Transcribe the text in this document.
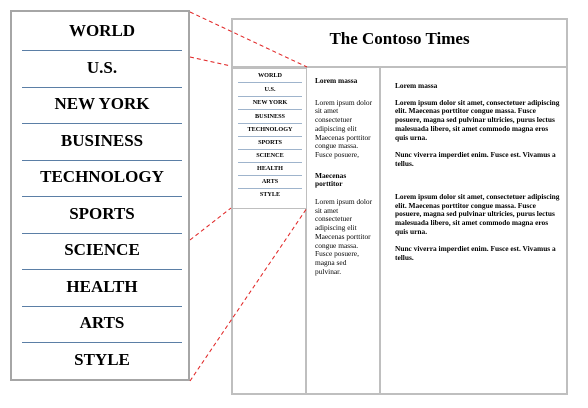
WORLD
U.S.
NEW YORK
BUSINESS
TECHNOLOGY
SPORTS
SCIENCE
HEALTH
ARTS
STYLE
The Contoso Times
WORLD
U.S.
NEW YORK
BUSINESS
TECHNOLOGY
SPORTS
SCIENCE
HEALTH
ARTS
STYLE
Lorem massa
Lorem ipsum dolor sit amet consectetuer adipiscing elit Maecenas porttitor congue massa. Fusce posuere,
Maecenas porttitor
Lorem ipsum dolor sit amet consectetuer adipiscing elit Maecenas porttitor congue massa. Fusce posuere, magna sed pulvinar.
Lorem massa
Lorem ipsum dolor sit amet, consectetuer adipiscing elit. Maecenas porttitor congue massa. Fusce posuere, magna sed pulvinar ultricies, purus lectus malesuada libero, sit amet commodo magna eros quis urna.
Nunc viverra imperdiet enim. Fusce est. Vivamus a tellus.
Lorem ipsum dolor sit amet, consectetuer adipiscing elit. Maecenas porttitor congue massa. Fusce posuere, magna sed pulvinar ultricies, purus lectus malesuada libero, sit amet commodo magna eros quis urna.
Nunc viverra imperdiet enim. Fusce est. Vivamus a tellus.
